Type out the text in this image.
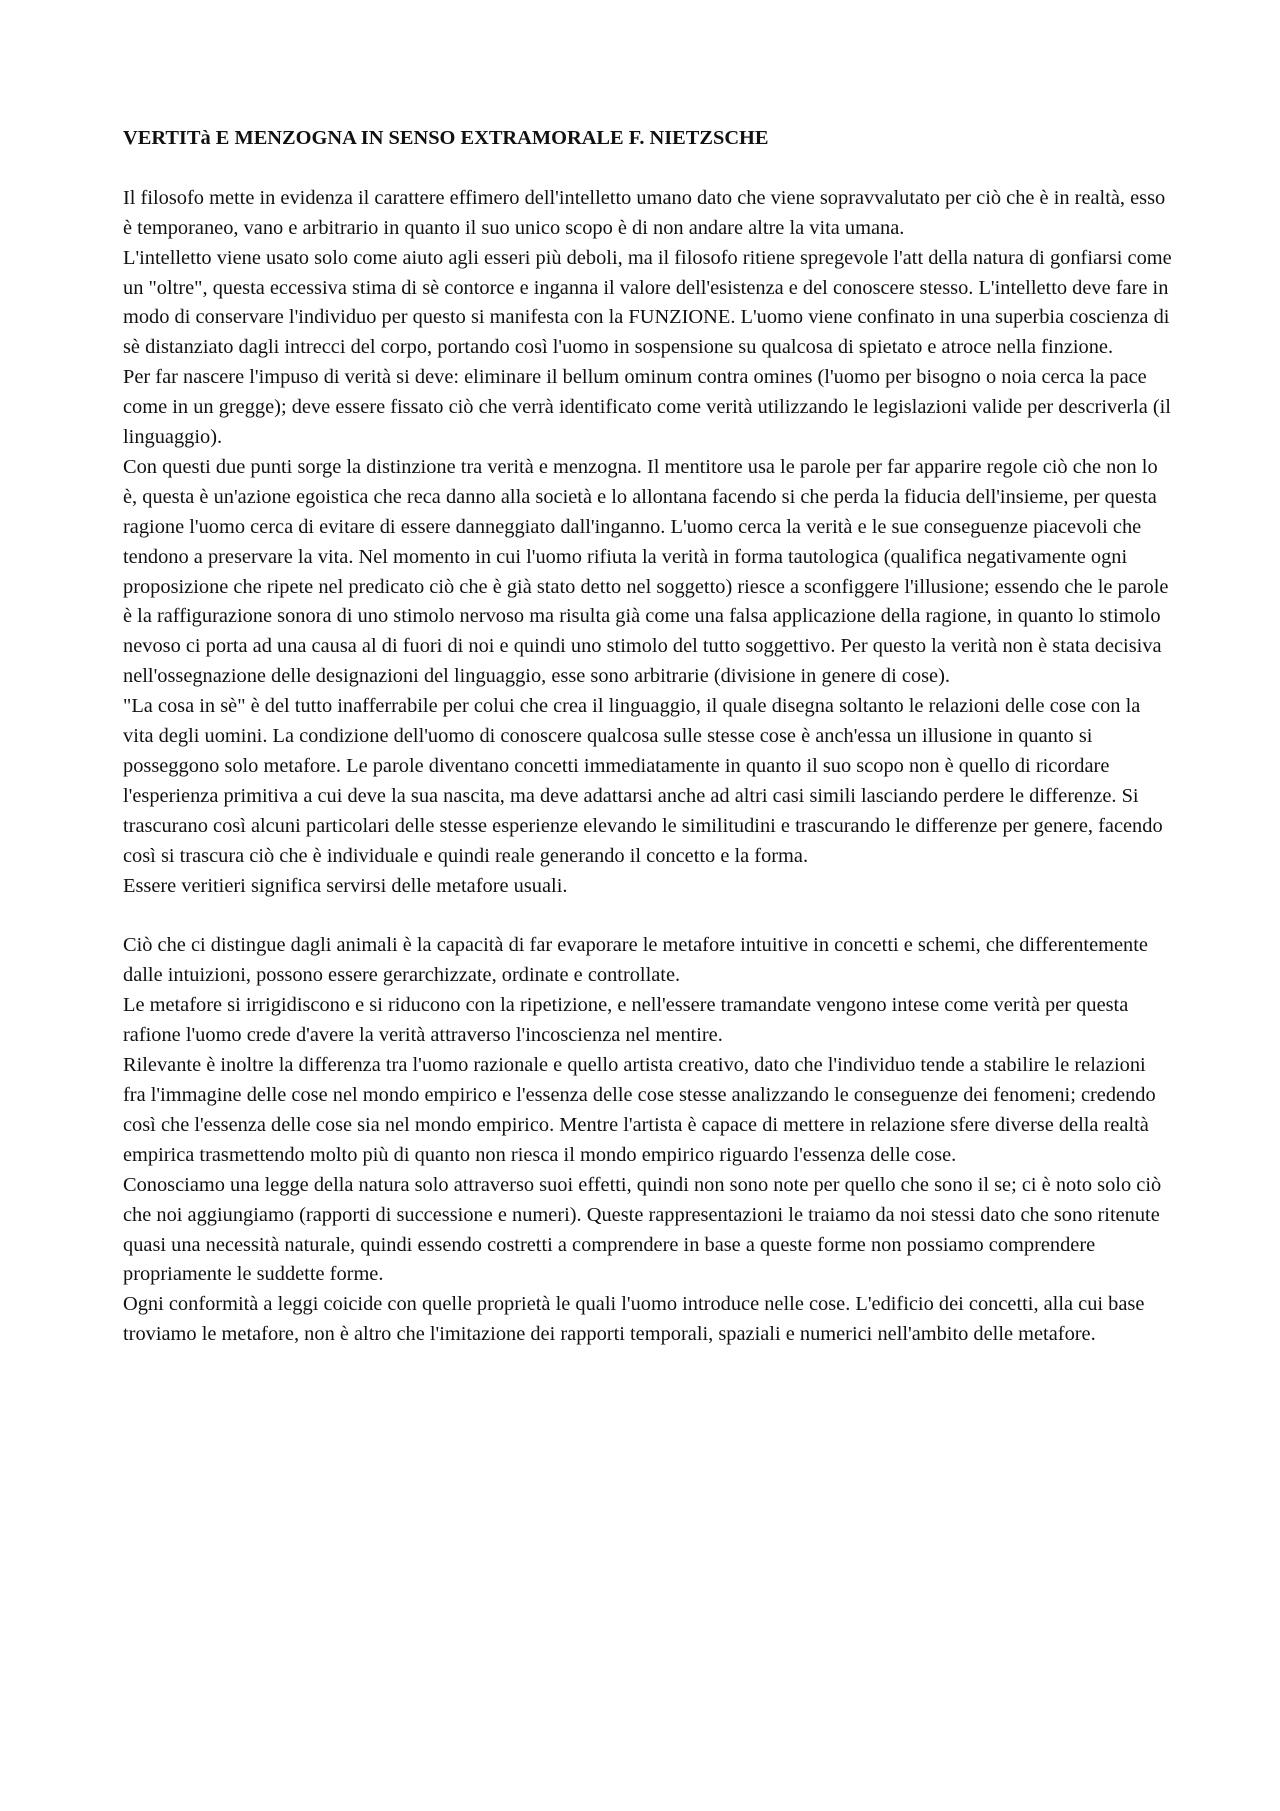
VERTITà E MENZOGNA IN SENSO EXTRAMORALE F. NIETZSCHE

Il filosofo mette in evidenza il carattere effimero dell'intelletto umano dato che viene sopravvalutato per ciò che è in realtà, esso è temporaneo, vano e arbitrario in quanto il suo unico scopo è di non andare altre la vita umana.

L'intelletto viene usato solo come aiuto agli esseri più deboli, ma il filosofo ritiene spregevole l'att della natura di gonfiarsi come un "oltre", questa eccessiva stima di sè contorce e inganna il valore dell'esistenza e del conoscere stesso. L'intelletto deve fare in modo di conservare l'individuo per questo si manifesta con la FUNZIONE. L'uomo viene confinato in una superbia coscienza di sè distanziato dagli intrecci del corpo, portando così l'uomo in sospensione su qualcosa di spietato e atroce nella finzione.

Per far nascere l'impuso di verità si deve: eliminare il bellum ominum contra omines (l'uomo per bisogno o noia cerca la pace come in un gregge); deve essere fissato ciò che verrà identificato come verità utilizzando le legislazioni valide per descriverla (il linguaggio).

Con questi due punti sorge la distinzione tra verità e menzogna. Il mentitore usa le parole per far apparire regole ciò che non lo è, questa è un'azione egoistica che reca danno alla società e lo allontana facendo si che perda la fiducia dell'insieme, per questa ragione l'uomo cerca di evitare di essere danneggiato dall'inganno. L'uomo cerca la verità e le sue conseguenze piacevoli che tendono a preservare la vita. Nel momento in cui l'uomo rifiuta la verità in forma tautologica (qualifica negativamente ogni proposizione che ripete nel predicato ciò che è già stato detto nel soggetto) riesce a sconfiggere l'illusione; essendo che le parole è la raffigurazione sonora di uno stimolo nervoso ma risulta già come una falsa applicazione della ragione, in quanto lo stimolo nevoso ci porta ad una causa al di fuori di noi e quindi uno stimolo del tutto soggettivo. Per questo la verità non è stata decisiva nell'ossegnazione delle designazioni del linguaggio, esse sono arbitrarie (divisione in genere di cose).

"La cosa in sè" è del tutto inafferrabile per colui che crea il linguaggio, il quale disegna soltanto le relazioni delle cose con la vita degli uomini. La condizione dell'uomo di conoscere qualcosa sulle stesse cose è anch'essa un illusione in quanto si posseggono solo metafore. Le parole diventano concetti immediatamente in quanto il suo scopo non è quello di ricordare l'esperienza primitiva a cui deve la sua nascita, ma deve adattarsi anche ad altri casi simili lasciando perdere le differenze. Si trascurano così alcuni particolari delle stesse esperienze elevando le similitudini e trascurando le differenze per genere, facendo così si trascura ciò che è individuale e quindi reale generando il concetto e la forma.

Essere veritieri significa servirsi delle metafore usuali.

Ciò che ci distingue dagli animali è la capacità di far evaporare le metafore intuitive in concetti e schemi, che differentemente dalle intuizioni, possono essere gerarchizzate, ordinate e controllate.

Le metafore si irrigidiscono e si riducono con la ripetizione, e nell'essere tramandate vengono intese come verità per questa rafione l'uomo crede d'avere la verità attraverso l'incoscienza nel mentire.

Rilevante è inoltre la differenza tra l'uomo razionale e quello artista creativo, dato che l'individuo tende a stabilire le relazioni fra l'immagine delle cose nel mondo empirico e l'essenza delle cose stesse analizzando le conseguenze dei fenomeni; credendo così che l'essenza delle cose sia nel mondo empirico. Mentre l'artista è capace di mettere in relazione sfere diverse della realtà empirica trasmettendo molto più di quanto non riesca il mondo empirico riguardo l'essenza delle cose.

Conosciamo una legge della natura solo attraverso suoi effetti, quindi non sono note per quello che sono il se; ci è noto solo ciò che noi aggiungiamo (rapporti di successione e numeri). Queste rappresentazioni le traiamo da noi stessi dato che sono ritenute quasi una necessità naturale, quindi essendo costretti a comprendere in base a queste forme non possiamo comprendere propriamente le suddette forme.

Ogni conformità a leggi coicide con quelle proprietà le quali l'uomo introduce nelle cose. L'edificio dei concetti, alla cui base troviamo le metafore, non è altro che l'imitazione dei rapporti temporali, spaziali e numerici nell'ambito delle metafore.
